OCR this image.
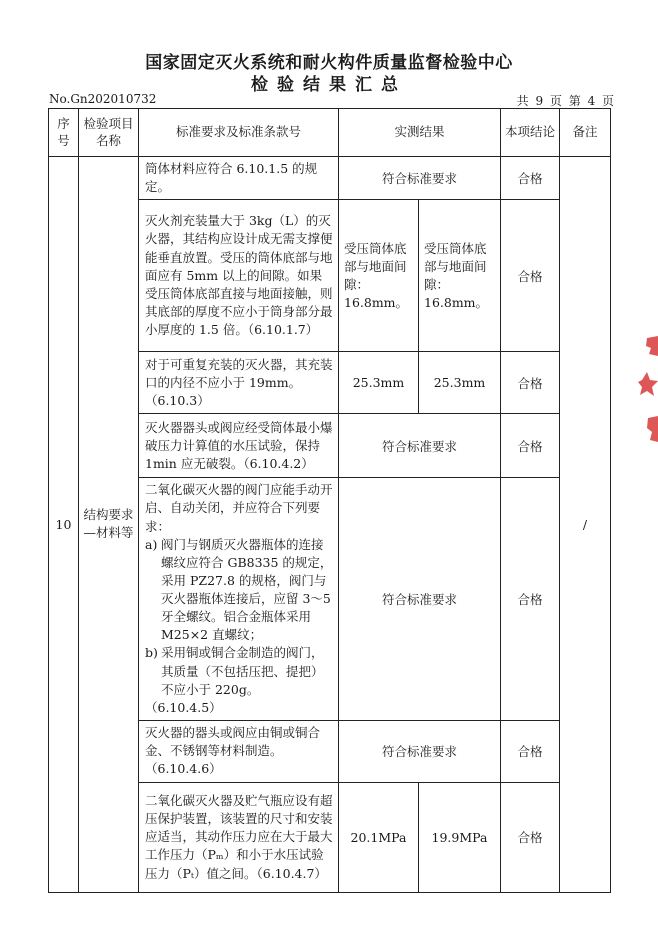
国家固定灭火系统和耐火构件质量监督检验中心
检验结果汇总
No.Gn202010732	共 9 页 第 4 页
序号	检验项目名称	标准要求及标准条款号	实测结果		本项结论	备注
10	结构要求—材料等	筒体材料应符合 6.10.1.5 的规定。	符合标准要求		合格	/
		灭火剂充装量大于 3kg（L）的灭火器，其结构应设计成无需支撑便能垂直放置。受压的筒体底部与地面应有 5mm 以上的间隙。如果受压筒体底部直接与地面接触，则其底部的厚度不应小于筒身部分最小厚度的 1.5 倍。（6.10.1.7）	受压筒体底部与地面间隙：16.8mm。	受压筒体底部与地面间隙：16.8mm。	合格	
		对于可重复充装的灭火器，其充装口的内径不应小于 19mm。（6.10.3）	25.3mm	25.3mm	合格	
		灭火器器头或阀应经受筒体最小爆破压力计算值的水压试验，保持 1min 应无破裂。（6.10.4.2）	符合标准要求		合格	
		二氧化碳灭火器的阀门应能手动开启、自动关闭，并应符合下列要求：
a) 阀门与钢质灭火器瓶体的连接螺纹应符合 GB8335 的规定，采用 PZ27.8 的规格，阀门与灭火器瓶体连接后，应留 3～5 牙全螺纹。铝合金瓶体采用 M25×2 直螺纹；
b) 采用铜或铜合金制造的阀门，其质量（不包括压把、提把）不应小于 220g。
（6.10.4.5）	符合标准要求		合格	
		灭火器的器头或阀应由铜或铜合金、不锈钢等材料制造。（6.10.4.6）	符合标准要求		合格	
		二氧化碳灭火器及贮气瓶应设有超压保护装置，该装置的尺寸和安装应适当，其动作压力应在大于最大工作压力（Pₘ）和小于水压试验压力（Pₜ）值之间。（6.10.4.7）	20.1MPa	19.9MPa	合格	
